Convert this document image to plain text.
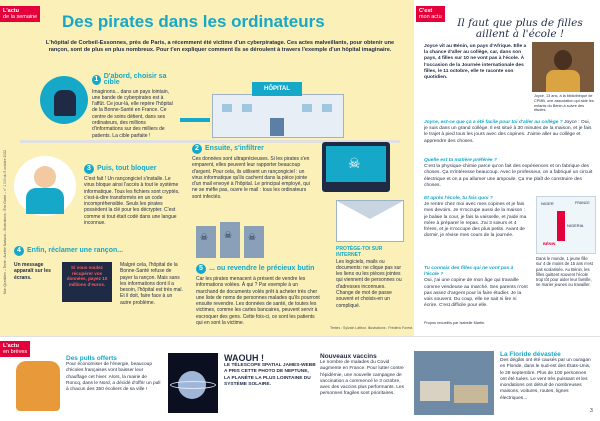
L'actu
de la semaine Des pirates dans les ordinateurs
L'hôpital de Corbeil-Essonnes, près de Paris, a récemment été victime d'un cyberpiratage. Ces actes malveillants, pour obtenir une rançon, sont de plus en plus nombreux. Pour t'en expliquer comment ils se déroulent à travers l'exemple d'un hôpital imaginaire.
1 D'abord, choisir sa cible
Imaginons... dans un pays lointain, une bande de cyberpirates est à l'affût. Ce jour-là, elle repère l'hôpital de la Bonne-Santé en France. Ce centre de soins détient, dans ses ordinateurs, des millions d'informations sur des milliers de patients. La cible parfaite !
HÔPITAL
2 Ensuite, s'infiltrer
Ces données sont ultraprécieuses. Si les pirates s'en emparent, elles peuvent leur rapporter beaucoup d'argent. Pour cela, ils utilisent un rançongiciel : un virus informatique qu'ils cachent dans la pièce jointe d'un mail envoyé à l'hôpital. Le principal employé, qui ne se méfie pas, ouvre le mail : tous les ordinateurs sont infectés.
☠
3 Puis, tout bloquer
C'est fait ! Un rançongiciel s'installe. Le virus bloque ainsi l'accès à tout le système informatique. Tous les fichiers sont cryptés, c'est-à-dire transformés en un code incompréhensible. Seuls les pirates possèdent la clé pour les décrypter. C'est comme si tout était codé dans une langue inconnue.
☠ ☠ ☠
4 Enfin, réclamer une rançon...
Un message apparaît sur les écrans.
Si vous voulez récupérer vos données, payez 10 millions d'euros.
Malgré cela, l'hôpital de la Bonne-Santé refuse de payer la rançon. Mais sans les informations dont il a besoin, l'hôpital est très mal. Et il doit, faire face à un autre problème.
5 ... ou revendre le précieux butin
Car les pirates menacent à présent de vendre les informations volées. À qui ? Par exemple à un marchand de documents volés prêt à acheter très cher une liste de noms de personnes malades qu'ils pourront ensuite revendre. Les données de santé, de toutes les victimes, comme les cartes bancaires, peuvent servir à escroquer des gens. Cette fois-ci, ce sont les patients qui en sont la victime.
PROTÈGE-TOI SUR INTERNET
Les logiciels, mails ou documents: ne clique pas sur les liens ou les pièces jointes qui viennent de personnes ou d'adresses inconnues. Change de mot de passe souvent et choisis-en un compliqué.
Textes : Sylvain Lafleur. Illustrations : Frédéric Forest.
Mon Quotidien – Texte : Aurélie Nadaud – Illustrations : Éric Gasté – n° 1 000 du 5 octobre 2022
C'est
mon actu	Il faut que plus de filles aillent à l'école !
Joyce vit au Bénin, un pays d'Afrique. Elle a la chance d'aller au collège, car, dans son pays, 4 filles sur 10 ne vont pas à l'école. À l'occasion de la Journée internationale des filles, le 11 octobre, elle te raconte son quotidien.
Joyce, 13 ans, à la bibliothèque de CPMB, une association qui aide les enfants du Bénin à suivre des études.
Joyce, est-ce que ça a été facile pour toi d'aller au collège ? Joyce : Oui, je suis dans un grand collège. Il est situé à 30 minutes de la maison, et je fais le trajet à pied tous les jours avec des copines. J'aime aller au collège et apprendre des choses.
Quelle est ta matière préférée ?
C'est la physique-chimie parce qu'on fait des expériences et on fabrique des choses. Ça m'intéresse beaucoup. Avec le professeur, on a fabriqué un circuit électrique et on a pu allumer une ampoule. Ça me plaît de construire des choses.
Et après l'école, tu fais quoi ?
Je rentre chez moi avec mes copines et je fais mes devoirs. Je m'occupe aussi de la maison : je balaie la cour, je fais la vaisselle, et j'aide ma mère à préparer le repas. J'ai 3 sœurs et 4 frères, et je m'occupe des plus petits. Avant de dormir, je révise mes cours de la journée.
NIGER
NIGERIA
BÉNIN
FRANCE
Dans le monde, 1 jeune fille sur 4 de moins de 15 ans n'est pas scolarisée. Au Bénin, les filles quittent souvent l'école trop tôt pour aider leur famille, se marier jeunes ou travailler.
Tu connais des filles qui ne vont pas à l'école ?
Oui, j'ai une copine de mon âge qui travaille comme vendeuse au marché. Ses parents n'ont pas assez d'argent pour la faire étudier. Je la vois souvent. Du coup, elle ne sait ni lire ni écrire. C'est difficile pour elle.
Propos recueillis par Isabelle Martin.
L'actu
en brèves
Des pulls offerts
Pour économiser de l'énergie, beaucoup d'écoles françaises vont baisser leur chauffage cet hiver. Alors, la mairie de Roncq, dans le Nord, a décidé d'offrir un pull à chacun des 350 écoliers de sa ville !
WAOUH !
LE TÉLESCOPE SPATIAL JAMES-WEBB A PRIS CETTE PHOTO DE NEPTUNE, LA PLANÈTE LA PLUS LOINTAINE DU SYSTÈME SOLAIRE.
Nouveaux vaccins
Le nombre de malades du Covid augmente en France. Pour lutter contre l'épidémie, une nouvelle campagne de vaccination a commencé le 3 octobre, avec des vaccins plus performants. Les personnes fragiles sont prioritaires.
La Floride dévastée
Des dégâts ont été causés par un ouragan en Floride, dans le sud-est des États-Unis, le 28 septembre. Plus de 100 personnes ont été tuées. Le vent très puissant et les inondations ont détruit de nombreuses maisons, voitures, routes, lignes électriques...
3
